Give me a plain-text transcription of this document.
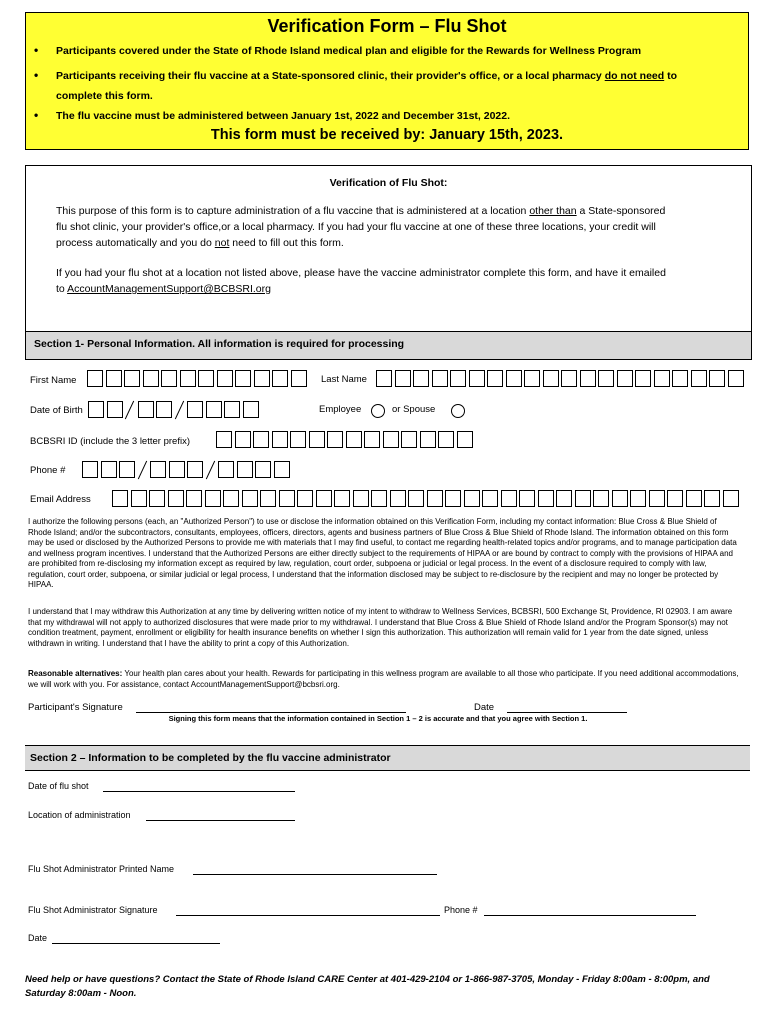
Verification Form – Flu Shot
• Participants covered under the State of Rhode Island medical plan and eligible for the Rewards for Wellness Program
• Participants receiving their flu vaccine at a State-sponsored clinic, their provider's office, or a local pharmacy do not need to
complete this form.
• The flu vaccine must be administered between January 1st, 2022 and December 31st, 2022.
This form must be received by: January 15th, 2023.
Verification of Flu Shot:
This purpose of this form is to capture administration of a flu vaccine that is administered at a location other than a State-sponsored
flu shot clinic, your provider's office,or a local pharmacy. If you had your flu vaccine at one of these three locations, your credit will
process automatically and you do not need to fill out this form.
If you had your flu shot at a location not listed above, please have the vaccine administrator complete this form, and have it emailed
to AccountManagementSupport@BCBSRI.org
Section 1- Personal Information. All information is required for processing
First Name	Last Name
Date of Birth	Employee	or Spouse
BCBSRI ID (include the 3 letter prefix)
Phone #
Email Address
I authorize the following persons (each, an "Authorized Person") to use or disclose the information obtained on this Verification Form, including my contact information: Blue Cross & Blue Shield of Rhode Island; and/or the subcontractors, consultants, employees, officers, directors, agents and business partners of Blue Cross & Blue Shield of Rhode Island. The information obtained on this form may be used or disclosed by the Authorized Persons to provide me with materials that I may find useful, to contact me regarding health-related topics and/or programs, and to manage participation data and wellness program incentives. I understand that the Authorized Persons are either directly subject to the requirements of HIPAA or are bound by contract to comply with the provisions of HIPAA and are prohibited from re-disclosing my information except as required by law, regulation, court order, subpoena or judicial or legal process. In the event of a disclosure required to comply with law, regulation, court order, subpoena, or similar judicial or legal process, I understand that the information disclosed may be subject to re-disclosure by the recipient and may no longer be protected by HIPAA.
I understand that I may withdraw this Authorization at any time by delivering written notice of my intent to withdraw to Wellness Services, BCBSRI, 500 Exchange St, Providence, RI 02903. I am aware that my withdrawal will not apply to authorized disclosures that were made prior to my withdrawal. I understand that Blue Cross & Blue Shield of Rhode Island and/or the Program Sponsor(s) may not condition treatment, payment, enrollment or eligibility for health insurance benefits on whether I sign this authorization. This authorization will remain valid for 1 year from the date signed, unless withdrawn in writing. I understand that I have the ability to print a copy of this Authorization.
Reasonable alternatives: Your health plan cares about your health. Rewards for participating in this wellness program are available to all those who participate. If you need additional accommodations, we will work with you. For assistance, contact AccountManagementSupport@bcbsri.org.
Participant's Signature	Date
Signing this form means that the information contained in Section 1 – 2 is accurate and that you agree with Section 1.
Section 2 – Information to be completed by the flu vaccine administrator
Date of flu shot
Location of administration
Flu Shot Administrator Printed Name
Flu Shot Administrator Signature	Phone #
Date
Need help or have questions? Contact the State of Rhode Island CARE Center at 401-429-2104 or 1-866-987-3705, Monday - Friday 8:00am - 8:00pm, and Saturday 8:00am - Noon.
